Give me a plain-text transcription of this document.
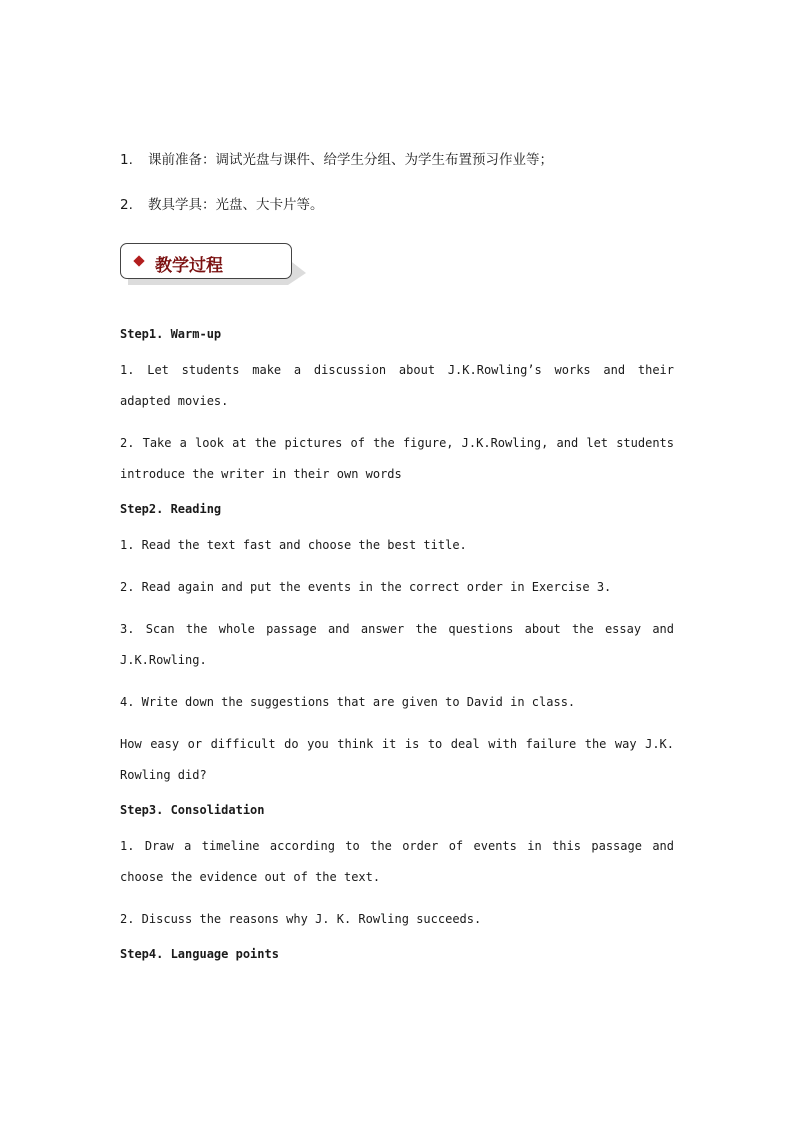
1. 课前准备：调试光盘与课件、给学生分组、为学生布置预习作业等；
2. 教具学具：光盘、大卡片等。
教学过程
Step1. Warm-up
1. Let students make a discussion about J.K.Rowling’s works and their adapted movies.
2. Take a look at the pictures of the figure, J.K.Rowling, and let students introduce the writer in their own words
Step2. Reading
1. Read the text fast and choose the best title.
2. Read again and put the events in the correct order in Exercise 3.
3. Scan the whole passage and answer the questions about the essay and J.K.Rowling.
4. Write down the suggestions that are given to David in class.
How easy or difficult do you think it is to deal with failure the way J.K. Rowling did?
Step3. Consolidation
1. Draw a timeline according to the order of events in this passage and choose the evidence out of the text.
2. Discuss the reasons why J. K. Rowling succeeds.
Step4. Language points
